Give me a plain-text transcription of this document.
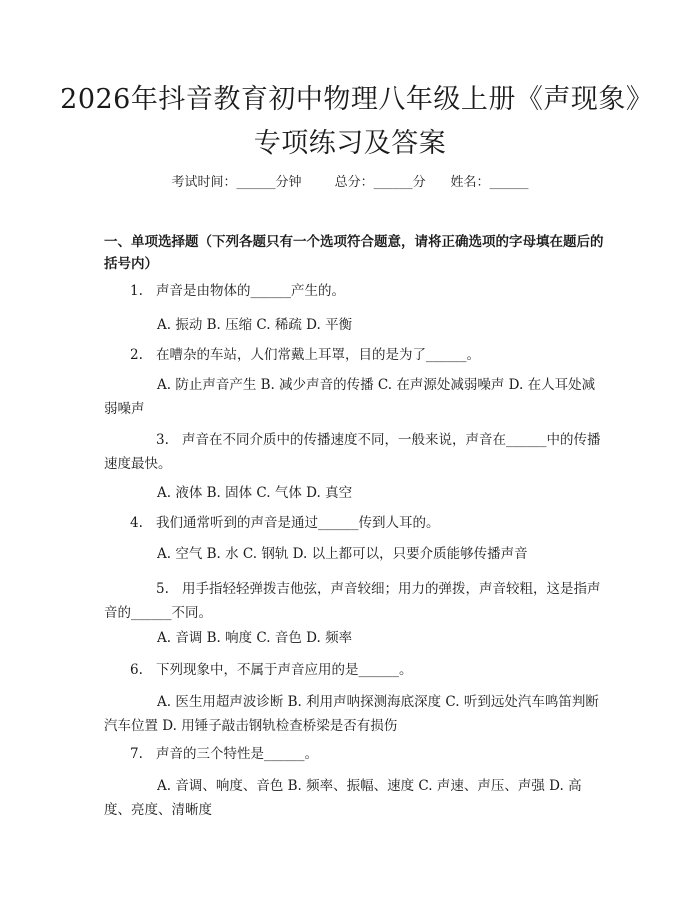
2026年抖音教育初中物理八年级上册《声现象》专项练习及答案
考试时间：______分钟	总分：______分 姓名：______
一、单项选择题（下列各题只有一个选项符合题意，请将正确选项的字母填在题后的括号内）
1. 声音是由物体的______产生的。
A. 振动 B. 压缩 C. 稀疏 D. 平衡
2. 在嘈杂的车站，人们常戴上耳罩，目的是为了______。
A. 防止声音产生 B. 减少声音的传播 C. 在声源处减弱噪声 D. 在人耳处减弱噪声
3. 声音在不同介质中的传播速度不同，一般来说，声音在______中的传播速度最快。
A. 液体 B. 固体 C. 气体 D. 真空
4. 我们通常听到的声音是通过______传到人耳的。
A. 空气 B. 水 C. 钢轨 D. 以上都可以，只要介质能够传播声音
5. 用手指轻轻弹拨吉他弦，声音较细；用力的弹拨，声音较粗，这是指声音的______不同。
A. 音调 B. 响度 C. 音色 D. 频率
6. 下列现象中，不属于声音应用的是______。
A. 医生用超声波诊断 B. 利用声呐探测海底深度 C. 听到远处汽车鸣笛判断汽车位置 D. 用锤子敲击钢轨检查桥梁是否有损伤
7. 声音的三个特性是______。
A. 音调、响度、音色 B. 频率、振幅、速度 C. 声速、声压、声强 D. 高度、亮度、清晰度
